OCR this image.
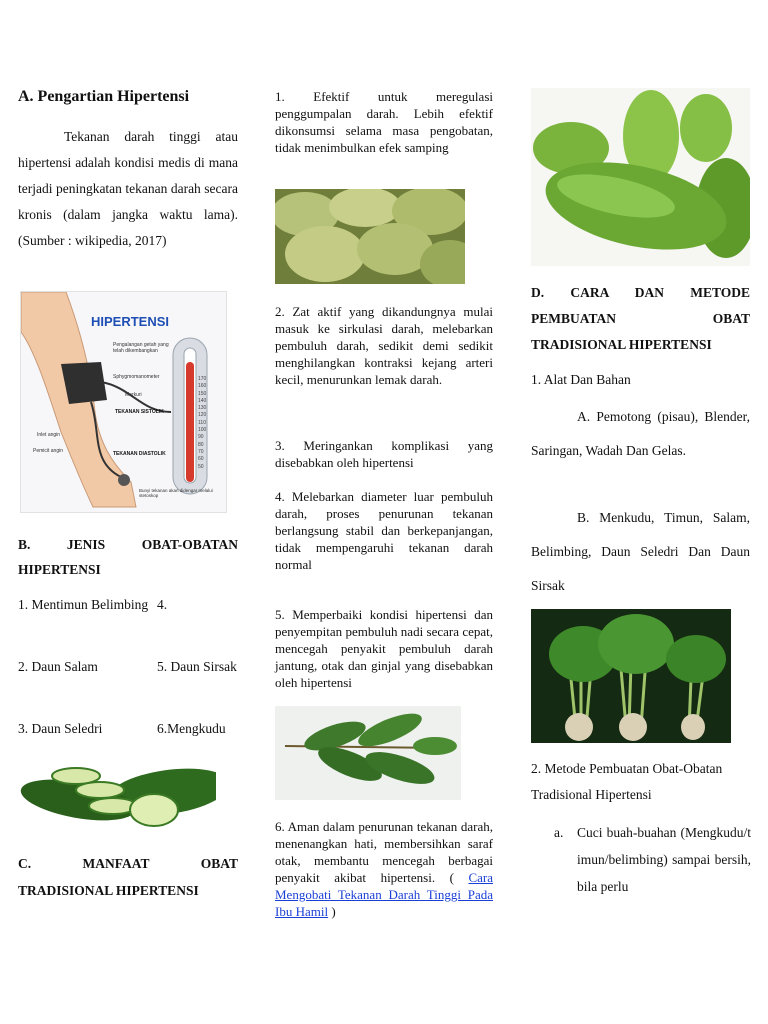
A. Pengartian Hipertensi

Tekanan darah tinggi atau hipertensi adalah kondisi medis di mana terjadi peningkatan tekanan darah secara kronis (dalam jangka waktu lama). (Sumber : wikipedia, 2017)

HIPERTENSI
Pengalangan getah yang telah dikembangkan
Sphygmomanometer
Merkuri
TEKANAN SISTOLIK
Inlet angin
Pemicit angin	TEKANAN DIASTOLIK
Bunyi tekanan akan didengar melalui stetoskop
170
160
150
140
130
120
110
100
90
80
70
60
50
B. JENIS OBAT-OBATAN HIPERTENSI
1. Mentimun Belimbing 4.
2. Daun Salam	5. Daun Sirsak
3. Daun Seledri	6.Mengkudu
C. MANFAAT OBAT TRADISIONAL HIPERTENSI

1. Efektif untuk meregulasi penggumpalan darah. Lebih efektif dikonsumsi selama masa pengobatan, tidak menimbulkan efek samping

2. Zat aktif yang dikandungnya mulai masuk ke sirkulasi darah, melebarkan pembuluh darah, sedikit demi sedikit menghilangkan kontraksi kejang arteri kecil, menurunkan lemak darah.

3. Meringankan komplikasi yang disebabkan oleh hipertensi

4. Melebarkan diameter luar pembuluh darah, proses penurunan tekanan berlangsung stabil dan berkepanjangan, tidak mempengaruhi tekanan darah normal

5. Memperbaiki kondisi hipertensi dan penyempitan pembuluh nadi secara cepat, mencegah penyakit pembuluh darah jantung, otak dan ginjal yang disebabkan oleh hipertensi

6. Aman dalam penurunan tekanan darah, menenangkan hati, membersihkan saraf otak, membantu mencegah berbagai penyakit akibat hipertensi. ( Cara Mengobati Tekanan Darah Tinggi Pada Ibu Hamil )

D. CARA DAN METODE PEMBUATAN OBAT TRADISIONAL HIPERTENSI
1. Alat Dan Bahan

A. Pemotong (pisau), Blender, Saringan, Wadah Dan Gelas.

B. Menkudu, Timun, Salam, Belimbing, Daun Seledri Dan Daun Sirsak

2. Metode Pembuatan Obat-Obatan Tradisional Hipertensi
a. Cuci buah-buahan (Mengkudu/timun/belimbing) sampai bersih, bila perlu
